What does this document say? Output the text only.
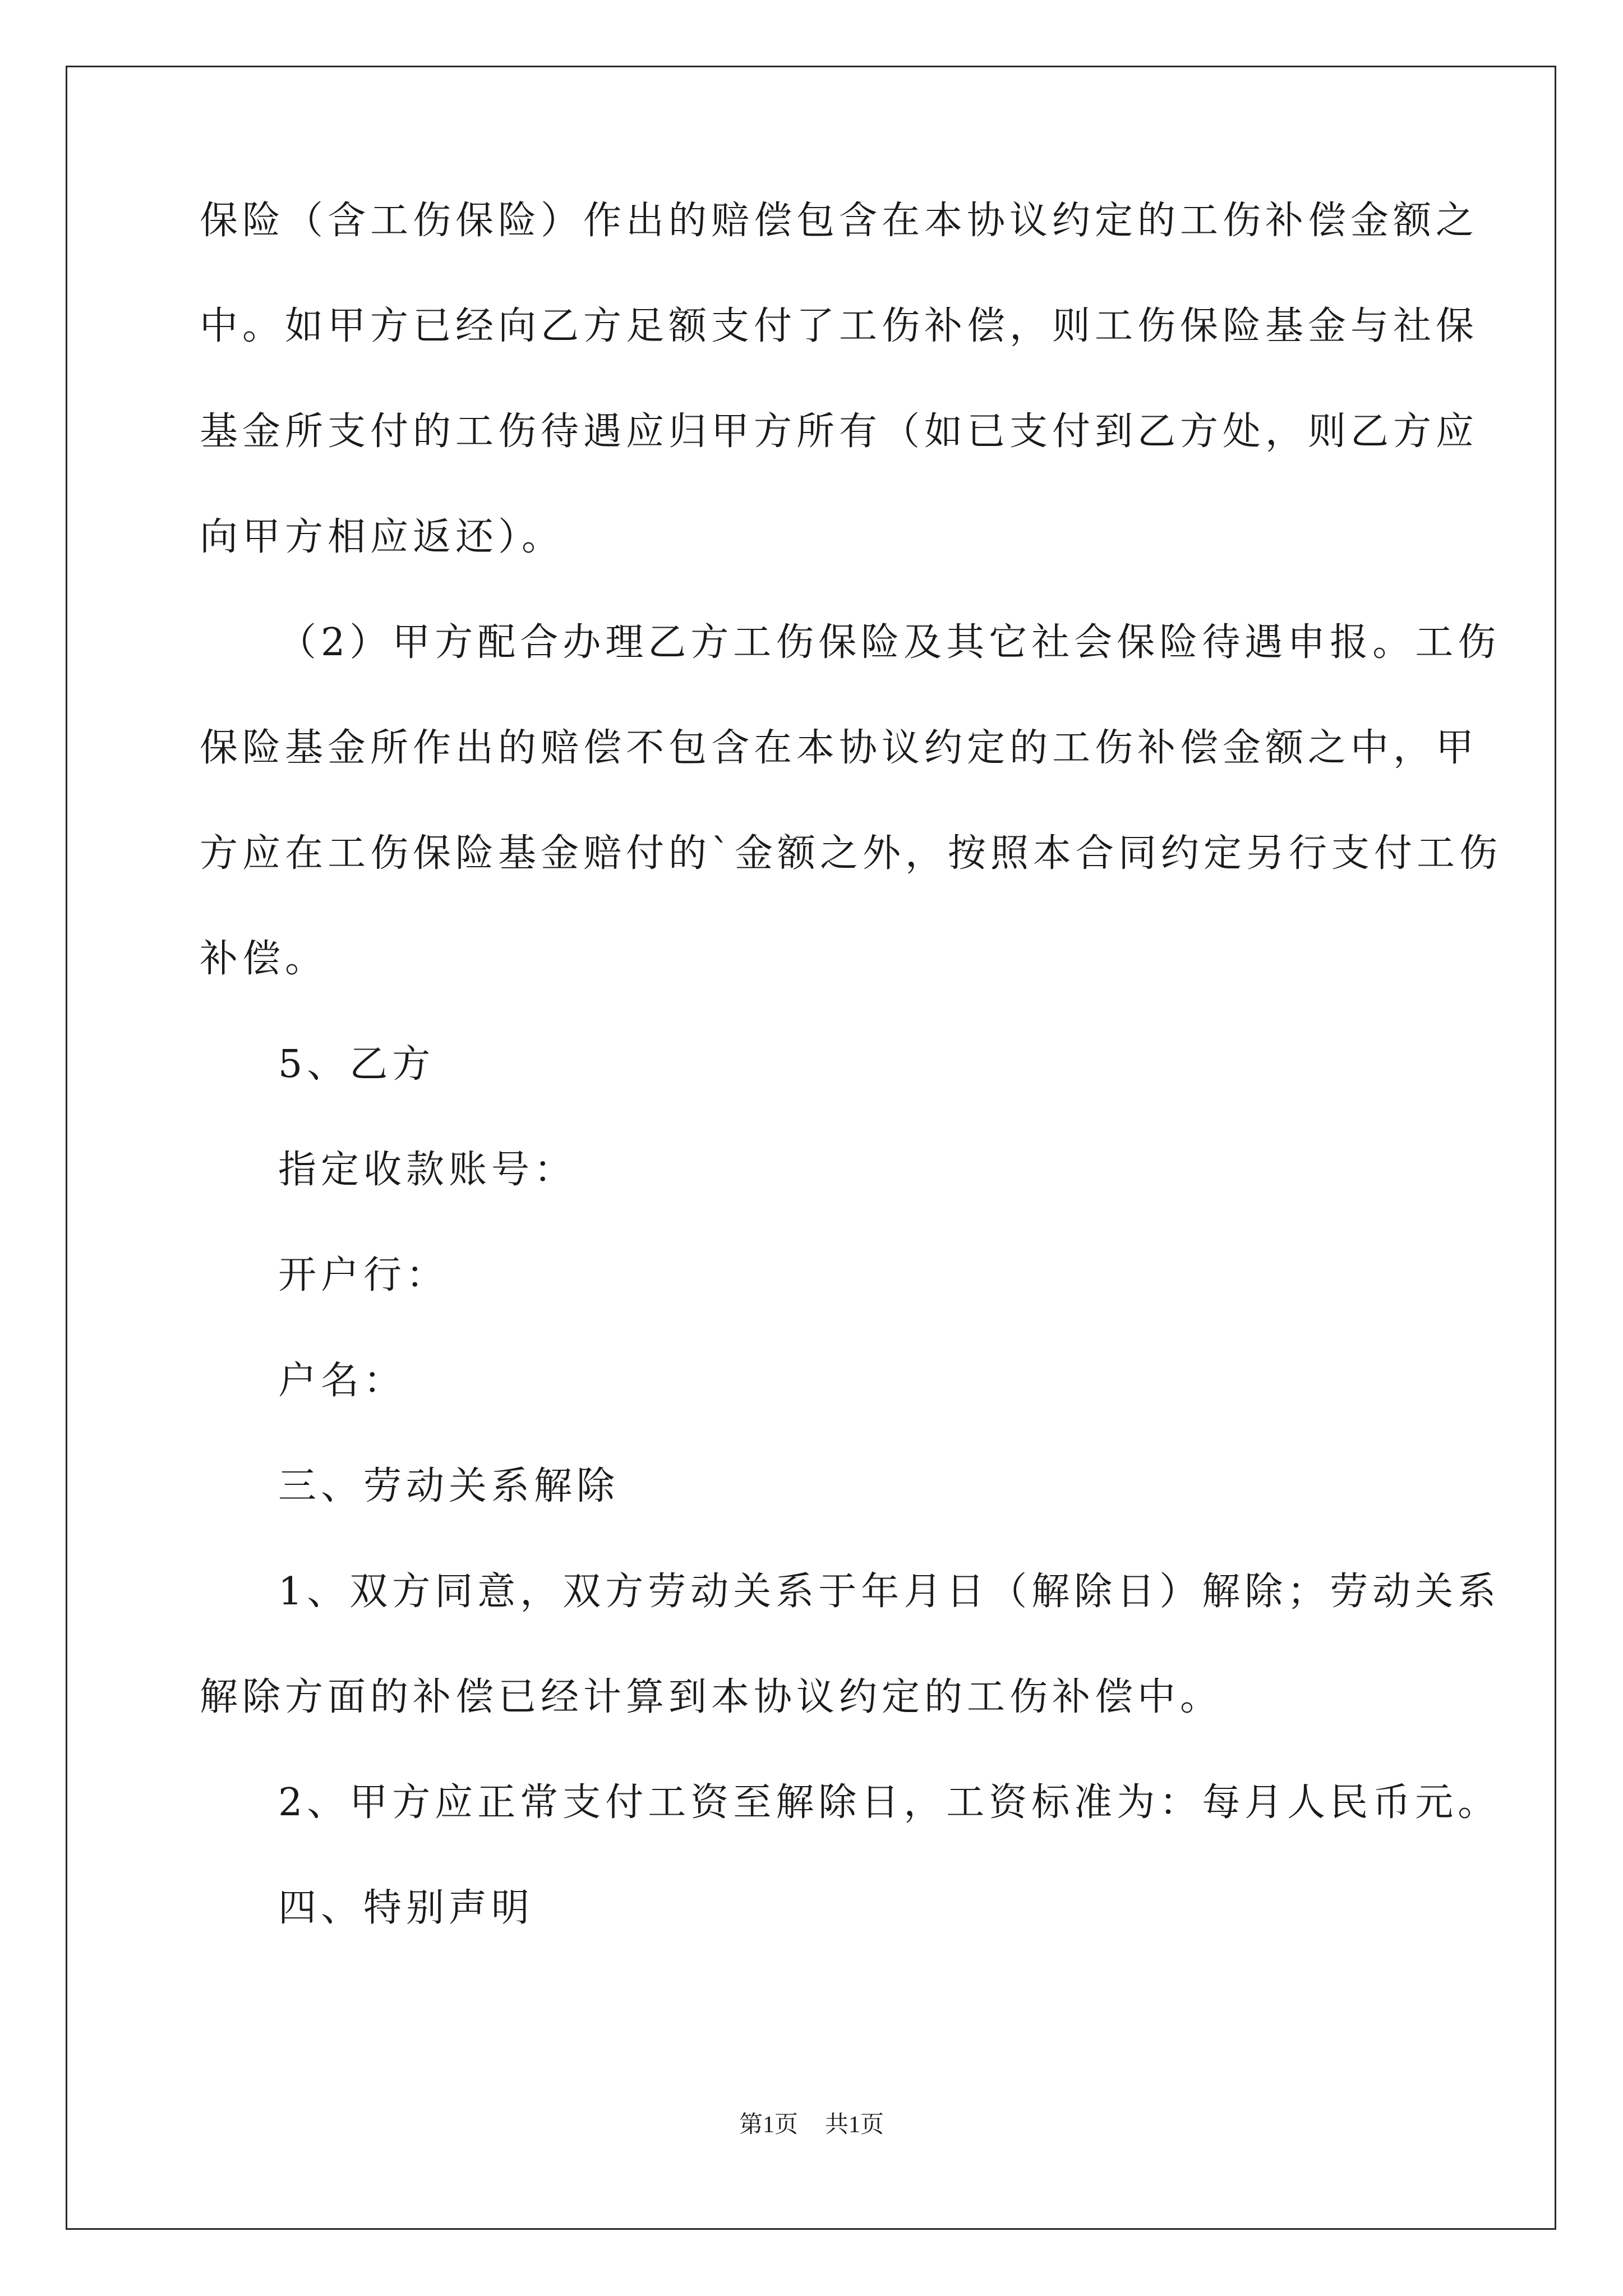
保险（含工伤保险）作出的赔偿包含在本协议约定的工伤补偿金额之
中。如甲方已经向乙方足额支付了工伤补偿，则工伤保险基金与社保
基金所支付的工伤待遇应归甲方所有（如已支付到乙方处，则乙方应
向甲方相应返还）。
（2）甲方配合办理乙方工伤保险及其它社会保险待遇申报。工伤
保险基金所作出的赔偿不包含在本协议约定的工伤补偿金额之中，甲
方应在工伤保险基金赔付的`金额之外，按照本合同约定另行支付工伤
补偿。
5、乙方
指定收款账号：
开户行：
户名：
三、劳动关系解除
1、双方同意，双方劳动关系于年月日（解除日）解除；劳动关系
解除方面的补偿已经计算到本协议约定的工伤补偿中。
2、甲方应正常支付工资至解除日，工资标准为：每月人民币元。
四、特别声明
第1页 共1页
